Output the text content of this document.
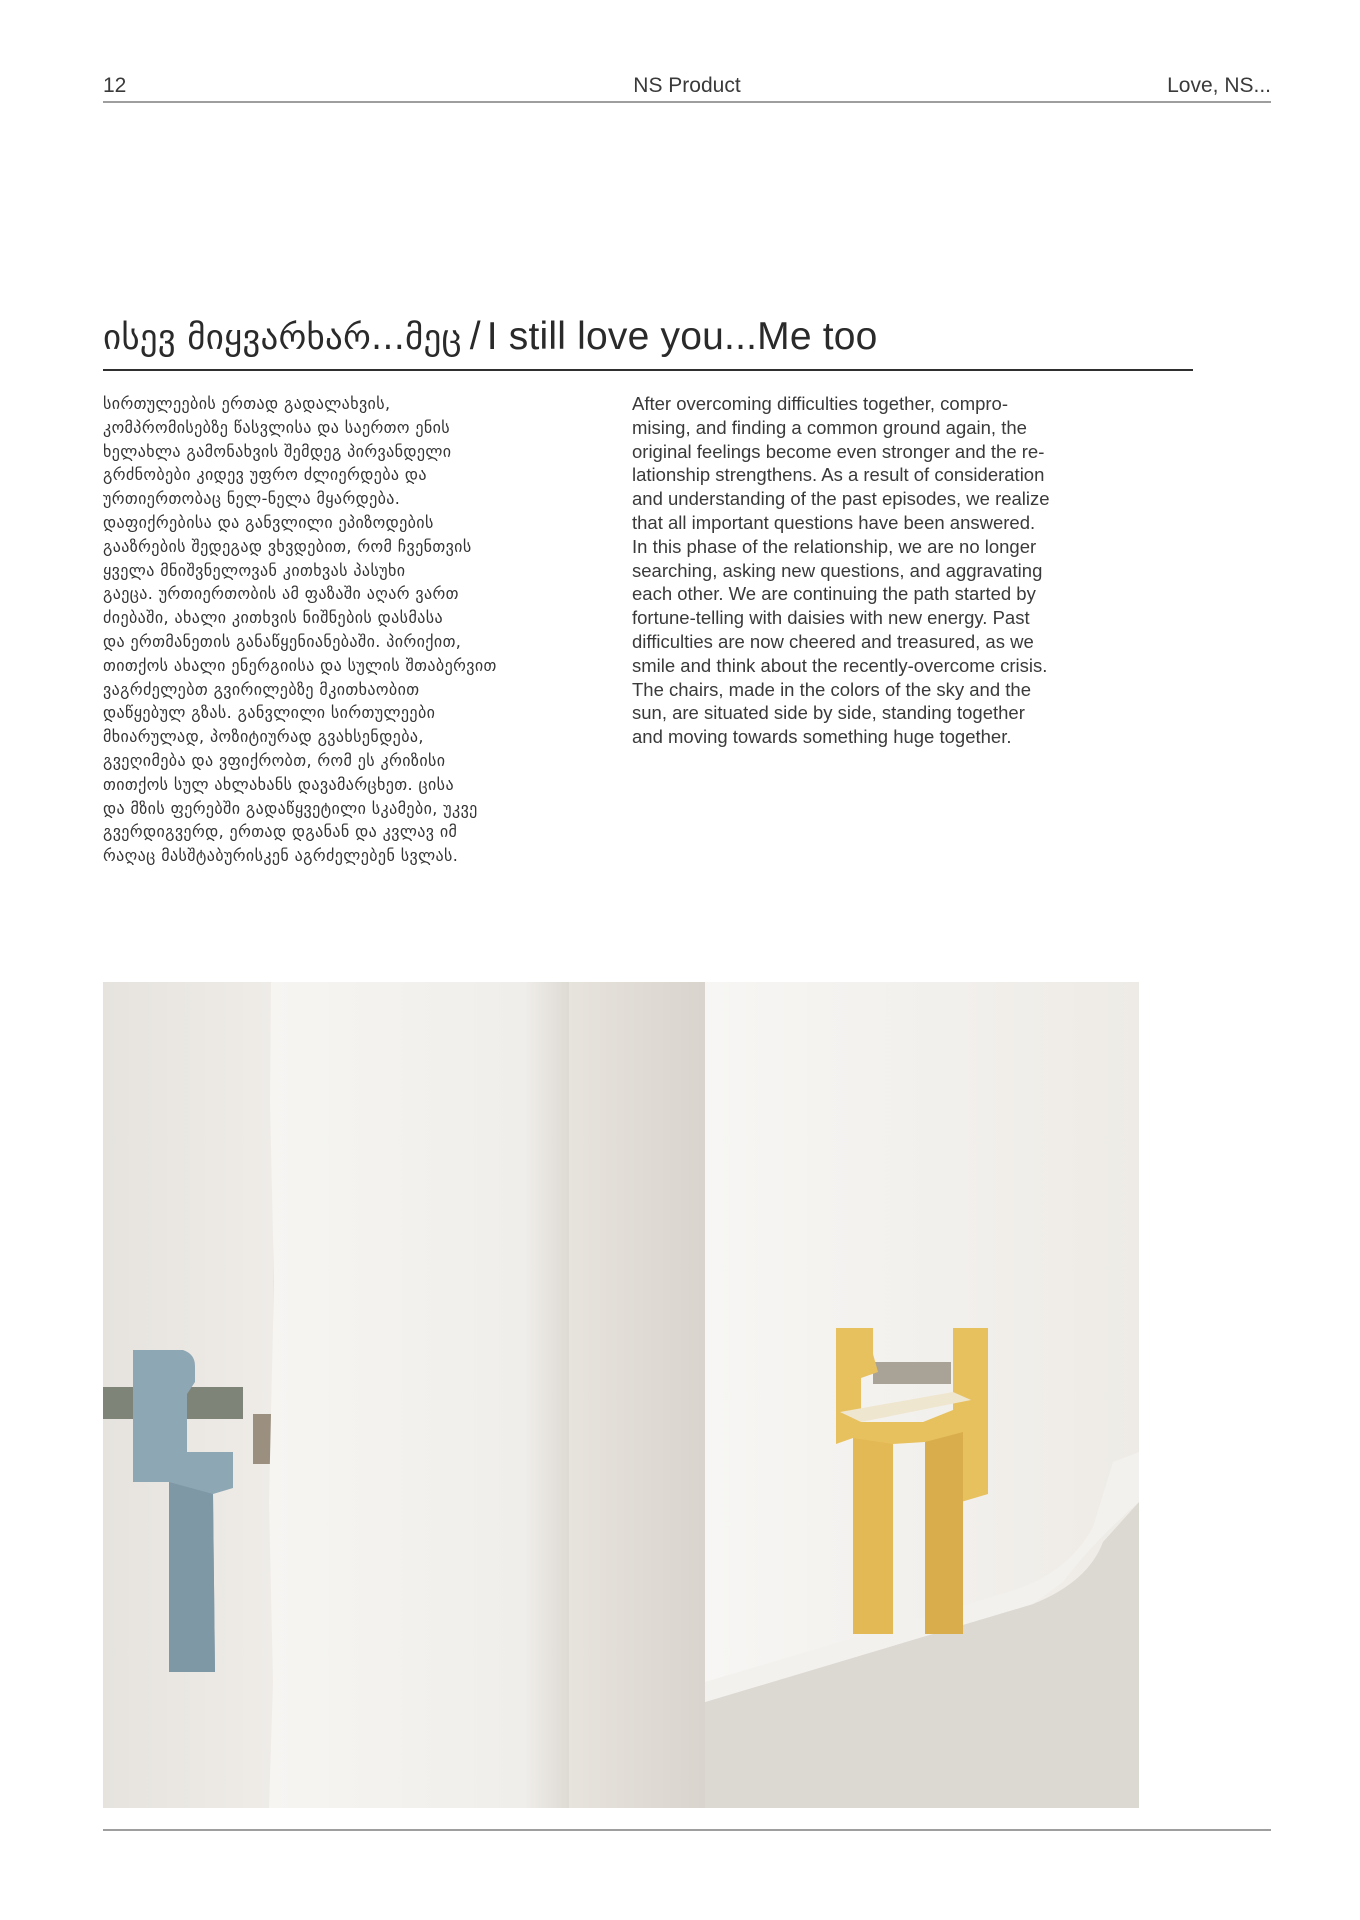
12	NS Product	Love, NS...
ისევ მიყვარხარ...მეც / I still love you...Me too
სირთულეების ერთად გადალახვის,
კომპრომისებზე წასვლისა და საერთო ენის
ხელახლა გამონახვის შემდეგ პირვანდელი
გრძნობები კიდევ უფრო ძლიერდება და
ურთიერთობაც ნელ-ნელა მყარდება.
დაფიქრებისა და განვლილი ეპიზოდების
გააზრების შედეგად ვხვდებით, რომ ჩვენთვის
ყველა მნიშვნელოვან კითხვას პასუხი
გაეცა. ურთიერთობის ამ ფაზაში აღარ ვართ
ძიებაში, ახალი კითხვის ნიშნების დასმასა
და ერთმანეთის განაწყენიანებაში. პირიქით,
თითქოს ახალი ენერგიისა და სულის შთაბერვით
ვაგრძელებთ გვირილებზე მკითხაობით
დაწყებულ გზას. განვლილი სირთულეები
მხიარულად, პოზიტიურად გვახსენდება,
გვეღიმება და ვფიქრობთ, რომ ეს კრიზისი
თითქოს სულ ახლახანს დავამარცხეთ. ცისა
და მზის ფერებში გადაწყვეტილი სკამები, უკვე
გვერდიგვერდ, ერთად დგანან და კვლავ იმ
რაღაც მასშტაბურისკენ აგრძელებენ სვლას.
After overcoming difficulties together, compro-
mising, and finding a common ground again, the
original feelings become even stronger and the re-
lationship strengthens. As a result of consideration
and understanding of the past episodes, we realize
that all important questions have been answered.
In this phase of the relationship, we are no longer
searching, asking new questions, and aggravating
each other. We are continuing the path started by
fortune-telling with daisies with new energy. Past
difficulties are now cheered and treasured, as we
smile and think about the recently-overcome crisis.
The chairs, made in the colors of the sky and the
sun, are situated side by side, standing together
and moving towards something huge together.
